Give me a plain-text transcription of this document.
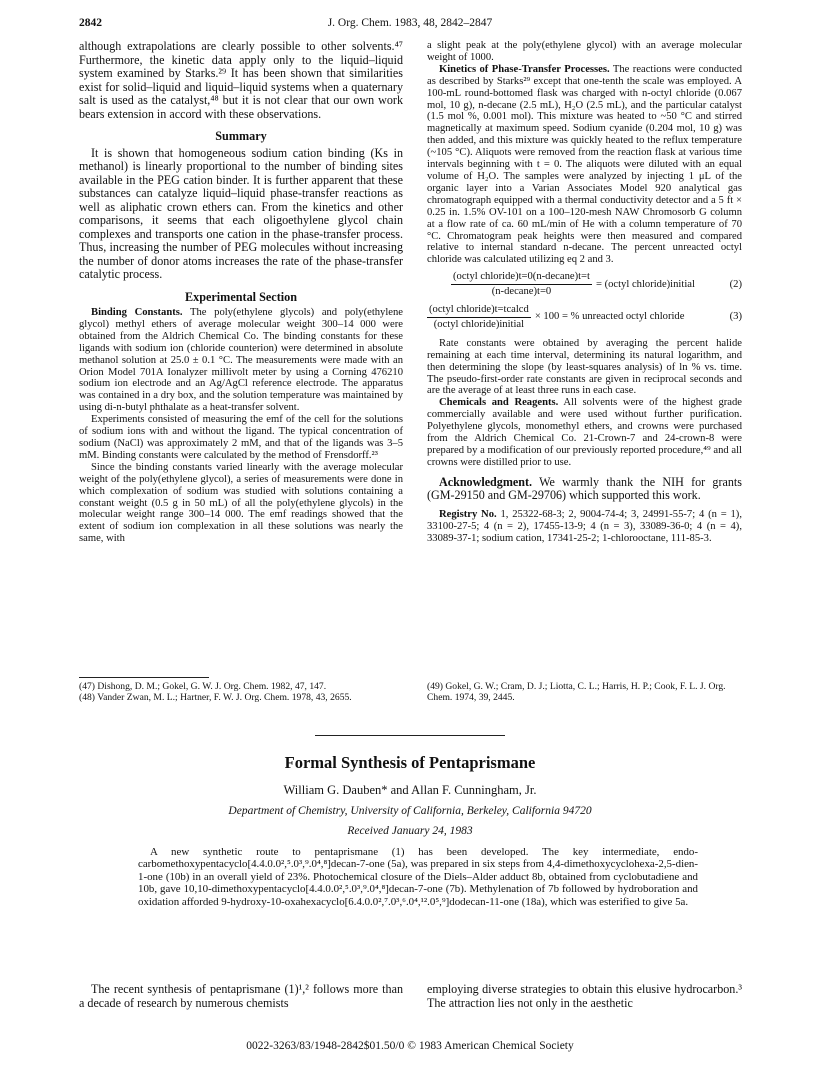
2842	J. Org. Chem. 1983, 48, 2842–2847

although extrapolations are clearly possible to other solvents.⁴⁷ Furthermore, the kinetic data apply only to the liquid–liquid system examined by Starks.²⁹ It has been shown that similarities exist for solid–liquid and liquid–liquid systems when a quaternary salt is used as the catalyst,⁴⁸ but it is not clear that our own work bears extension in accord with these observations.

Summary

It is shown that homogeneous sodium cation binding (Ks in methanol) is linearly proportional to the number of binding sites available in the PEG cation binder. It is further apparent that these substances can catalyze liquid–liquid phase-transfer reactions as well as aliphatic crown ethers can. From the kinetics and other comparisons, it seems that each oligoethylene glycol chain complexes and transports one cation in the phase-transfer process. Thus, increasing the number of PEG molecules without increasing the number of donor atoms increases the rate of the phase-transfer catalytic process.

Experimental Section

Binding Constants. The poly(ethylene glycols) and poly(ethylene glycol) methyl ethers of average molecular weight 300–14 000 were obtained from the Aldrich Chemical Co. The binding constants for these ligands with sodium ion (chloride counterion) were determined in absolute methanol solution at 25.0 ± 0.1 °C. The measurements were made with an Orion Model 701A Ionalyzer millivolt meter by using a Corning 476210 sodium ion electrode and an Ag/AgCl reference electrode. The apparatus was contained in a dry box, and the solution temperature was maintained by using di-n-butyl phthalate as a heat-transfer solvent.

Experiments consisted of measuring the emf of the cell for the solutions of sodium ions with and without the ligand. The typical concentration of sodium (NaCl) was approximately 2 mM, and that of the ligands was 3–5 mM. Binding constants were calculated by the method of Frensdorff.²³

Since the binding constants varied linearly with the average molecular weight of the poly(ethylene glycol), a series of measurements were done in which complexation of sodium was studied with solutions containing a constant weight (0.5 g in 50 mL) of all the poly(ethylene glycols) in the molecular weight range 300–14 000. The emf readings showed that the extent of sodium ion complexation in all these solutions was nearly the same, with

a slight peak at the poly(ethylene glycol) with an average molecular weight of 1000.

Kinetics of Phase-Transfer Processes. The reactions were conducted as described by Starks²⁹ except that one-tenth the scale was employed. A 100-mL round-bottomed flask was charged with n-octyl chloride (0.067 mol, 10 g), n-decane (2.5 mL), H₂O (2.5 mL), and the particular catalyst (1.5 mol %, 0.001 mol). This mixture was heated to ~50 °C and stirred magnetically at maximum speed. Sodium cyanide (0.204 mol, 10 g) was then added, and this mixture was quickly heated to the reflux temperature (~105 °C). Aliquots were removed from the reaction flask at various time intervals beginning with t = 0. The aliquots were diluted with an equal volume of H₂O. The samples were analyzed by injecting 1 μL of the organic layer into a Varian Associates Model 920 analytical gas chromatograph equipped with a thermal conductivity detector and a 5 ft × 0.25 in. 1.5% OV-101 on a 100–120-mesh NAW Chromosorb G column at a flow rate of ca. 60 mL/min of He with a column temperature of 70 °C. Chromatogram peak heights were then measured and compared relative to internal standard n-decane. The percent unreacted octyl chloride was calculated utilizing eq 2 and 3.

$\frac{\text{(octyl chloride)t=0(n-decane)t=t}}{\text{(n-decane)t=0}}$ = (octyl chloride)initial	(2)
$\frac{\text{(octyl chloride)t=tcalcd}}{\text{(octyl chloride)initial}} \times 100$ = % unreacted octyl chloride	(3)

Rate constants were obtained by averaging the percent halide remaining at each time interval, determining its natural logarithm, and then determining the slope (by least-squares analysis) of ln % vs. time. The pseudo-first-order rate constants are given in reciprocal seconds and are the average of at least three runs in each case.

Chemicals and Reagents. All solvents were of the highest grade commercially available and were used without further purification. Polyethylene glycols, monomethyl ethers, and crowns were purchased from the Aldrich Chemical Co. 21-Crown-7 and 24-crown-8 were prepared by a modification of our previously reported procedure,⁴⁹ and all crowns were distilled prior to use.

Acknowledgment. We warmly thank the NIH for grants (GM-29150 and GM-29706) which supported this work.

Registry No. 1, 25322-68-3; 2, 9004-74-4; 3, 24991-55-7; 4 (n = 1), 33100-27-5; 4 (n = 2), 17455-13-9; 4 (n = 3), 33089-36-0; 4 (n = 4), 33089-37-1; sodium cation, 17341-25-2; 1-chlorooctane, 111-85-3.

(47) Dishong, D. M.; Gokel, G. W. J. Org. Chem. 1982, 47, 147.
(48) Vander Zwan, M. L.; Hartner, F. W. J. Org. Chem. 1978, 43, 2655.
(49) Gokel, G. W.; Cram, D. J.; Liotta, C. L.; Harris, H. P.; Cook, F. L. J. Org. Chem. 1974, 39, 2445.
Formal Synthesis of Pentaprismane
William G. Dauben* and Allan F. Cunningham, Jr.
Department of Chemistry, University of California, Berkeley, California 94720
Received January 24, 1983
A new synthetic route to pentaprismane (1) has been developed. The key intermediate, endo-carbomethoxypentacyclo[4.4.0.0²,⁵.0³,⁹.0⁴,⁸]decan-7-one (5a), was prepared in six steps from 4,4-dimethoxycyclohexa-2,5-dien-1-one (10b) in an overall yield of 23%. Photochemical closure of the Diels–Alder adduct 8b, obtained from cyclobutadiene and 10b, gave 10,10-dimethoxypentacyclo[4.4.0.0²,⁵.0³,⁹.0⁴,⁸]decan-7-one (7b). Methylenation of 7b followed by hydroboration and oxidation afforded 9-hydroxy-10-oxahexacyclo[6.4.0.0²,⁷.0³,⁶.0⁴,¹².0⁵,⁹]dodecan-11-one (18a), which was esterified to give 5a.
The recent synthesis of pentaprismane (1)¹,² follows more than a decade of research by numerous chemists
employing diverse strategies to obtain this elusive hydrocarbon.³ The attraction lies not only in the aesthetic
0022-3263/83/1948-2842$01.50/0 © 1983 American Chemical Society
